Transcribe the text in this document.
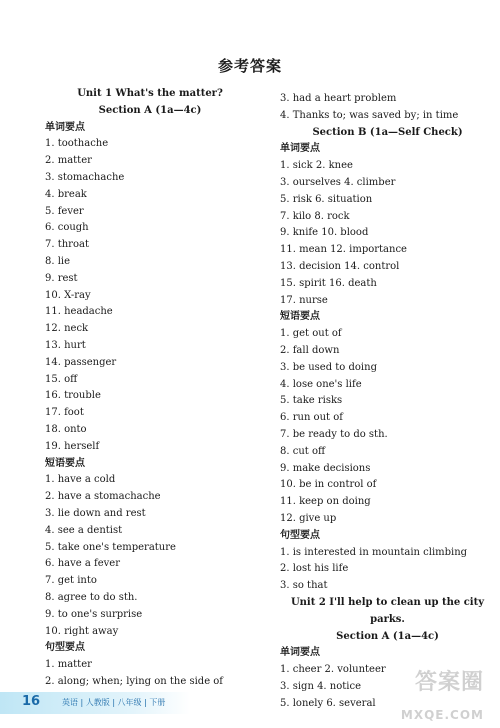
参考答案
Unit 1 What's the matter?
Section A (1a—4c)
单词要点
1. toothache
2. matter
3. stomachache
4. break
5. fever
6. cough
7. throat
8. lie
9. rest
10. X-ray
11. headache
12. neck
13. hurt
14. passenger
15. off
16. trouble
17. foot
18. onto
19. herself
短语要点
1. have a cold
2. have a stomachache
3. lie down and rest
4. see a dentist
5. take one's temperature
6. have a fever
7. get into
8. agree to do sth.
9. to one's surprise
10. right away
句型要点
1. matter
2. along; when; lying on the side of
3. had a heart problem
4. Thanks to; was saved by; in time
Section B (1a—Self Check)
单词要点
1. sick 2. knee
3. ourselves 4. climber
5. risk 6. situation
7. kilo 8. rock
9. knife 10. blood
11. mean 12. importance
13. decision 14. control
15. spirit 16. death
17. nurse
短语要点
1. get out of
2. fall down
3. be used to doing
4. lose one's life
5. take risks
6. run out of
7. be ready to do sth.
8. cut off
9. make decisions
10. be in control of
11. keep on doing
12. give up
句型要点
1. is interested in mountain climbing
2. lost his life
3. so that
Unit 2 I'll help to clean up the city parks.
Section A (1a—4c)
单词要点
1. cheer 2. volunteer
3. sign 4. notice
5. lonely 6. several
16	英语 | 人教版 | 八年级 | 下册
答案圈
MXQE.COM
